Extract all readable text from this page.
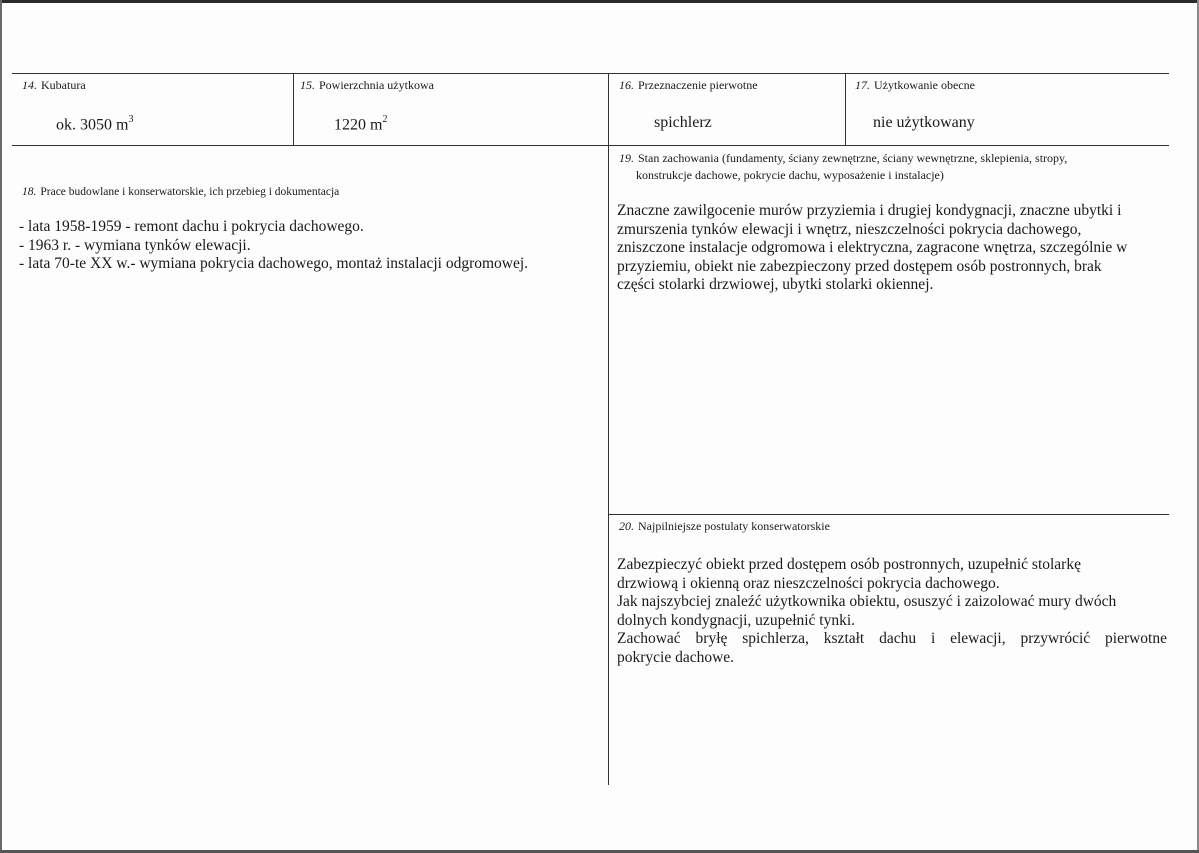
14. Kubatura
ok. 3050 $m^3$
15. Powierzchnia użytkowa
1220 $m^2$
16. Przeznaczenie pierwotne
spichlerz
17. Użytkowanie obecne
nie użytkowany
18. Prace budowlane i konserwatorskie, ich przebieg i dokumentacja
- lata 1958-1959 - remont dachu i pokrycia dachowego.
- 1963 r. - wymiana tynków elewacji.
- lata 70-te XX w.- wymiana pokrycia dachowego, montaż instalacji odgromowej.
19. Stan zachowania (fundamenty, ściany zewnętrzne, ściany wewnętrzne, sklepienia, stropy,
konstrukcje dachowe, pokrycie dachu, wyposażenie i instalacje)
Znaczne zawilgocenie murów przyziemia i drugiej kondygnacji, znaczne ubytki i
zmurszenia tynków elewacji i wnętrz, nieszczelności pokrycia dachowego,
zniszczone instalacje odgromowa i elektryczna, zagracone wnętrza, szczególnie w
przyziemiu, obiekt nie zabezpieczony przed dostępem osób postronnych, brak
części stolarki drzwiowej, ubytki stolarki okiennej.
20. Najpilniejsze postulaty konserwatorskie
Zabezpieczyć obiekt przed dostępem osób postronnych, uzupełnić stolarkę
drzwiową i okienną oraz nieszczelności pokrycia dachowego.
Jak najszybciej znaleźć użytkownika obiektu, osuszyć i zaizolować mury dwóch
dolnych kondygnacji, uzupełnić tynki.
Zachować bryłę spichlerza, kształt dachu i elewacji, przywrócić pierwotne
pokrycie dachowe.
